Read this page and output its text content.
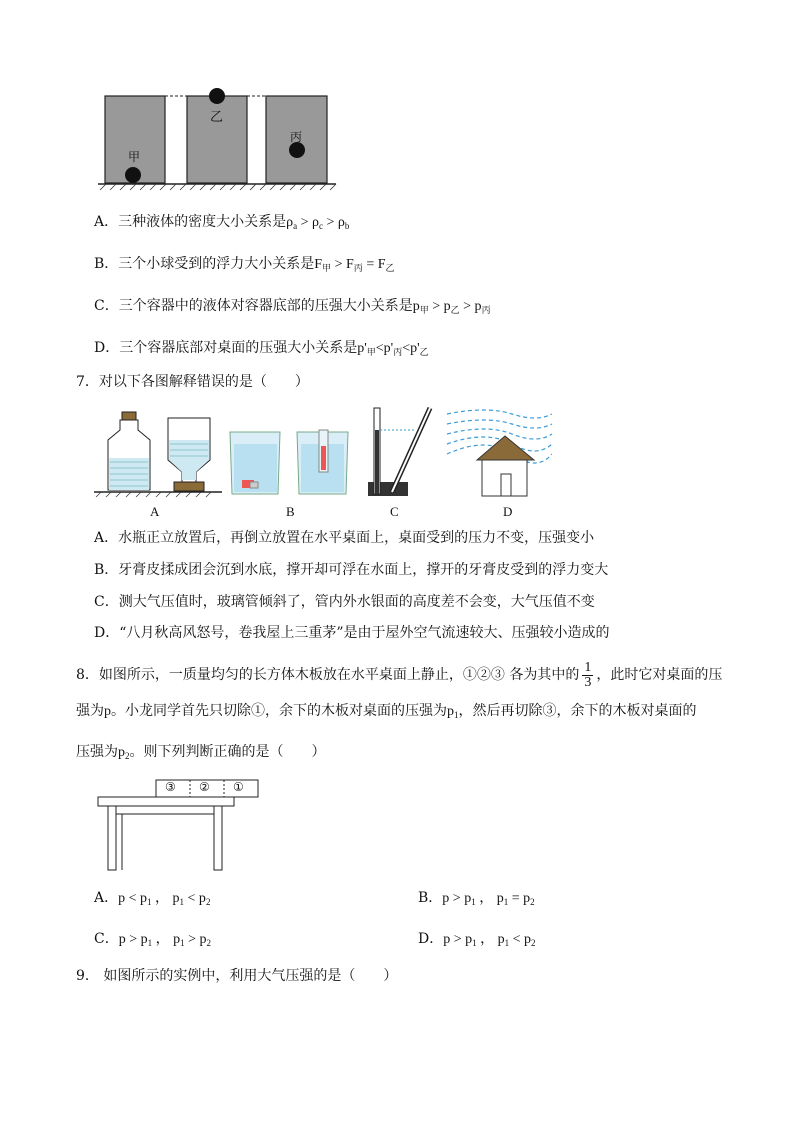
甲
乙
丙
A．三种液体的密度大小关系是$\rho_a > \rho_c > \rho_b$
B．三个小球受到的浮力大小关系是$F_甲 > F_丙 = F_乙$
C．三个容器中的液体对容器底部的压强大小关系是$p_甲 > p_乙 > p_丙$
D．三个容器底部对桌面的压强大小关系是$p'_甲<p'_丙<p'_乙$
7．对以下各图解释错误的是（　　）
A	B	C	D
A．水瓶正立放置后，再倒立放置在水平桌面上，桌面受到的压力不变，压强变小
B．牙膏皮揉成团会沉到水底，撑开却可浮在水面上，撑开的牙膏皮受到的浮力变大
C．测大气压值时，玻璃管倾斜了，管内外水银面的高度差不会变，大气压值不变
D．“八月秋高风怒号，卷我屋上三重茅”是由于屋外空气流速较大、压强较小造成的
8．如图所示，一质量均匀的长方体木板放在水平桌面上静止，①②③ 各为其中的 $\frac{1}{3}$ ，此时它对桌面的压
强为p。小龙同学首先只切除①，余下的木板对桌面的压强为$p_1$，然后再切除③，余下的木板对桌面的
压强为$p_2$。则下列判断正确的是（　　）
③ ② ①
A．$p < p_1$ ， $p_1 < p_2$	B．$p > p_1$ ， $p_1 = p_2$
C．$p > p_1$ ， $p_1 > p_2$	D．$p > p_1$ ， $p_1 < p_2$
9． 如图所示的实例中，利用大气压强的是（　　）
